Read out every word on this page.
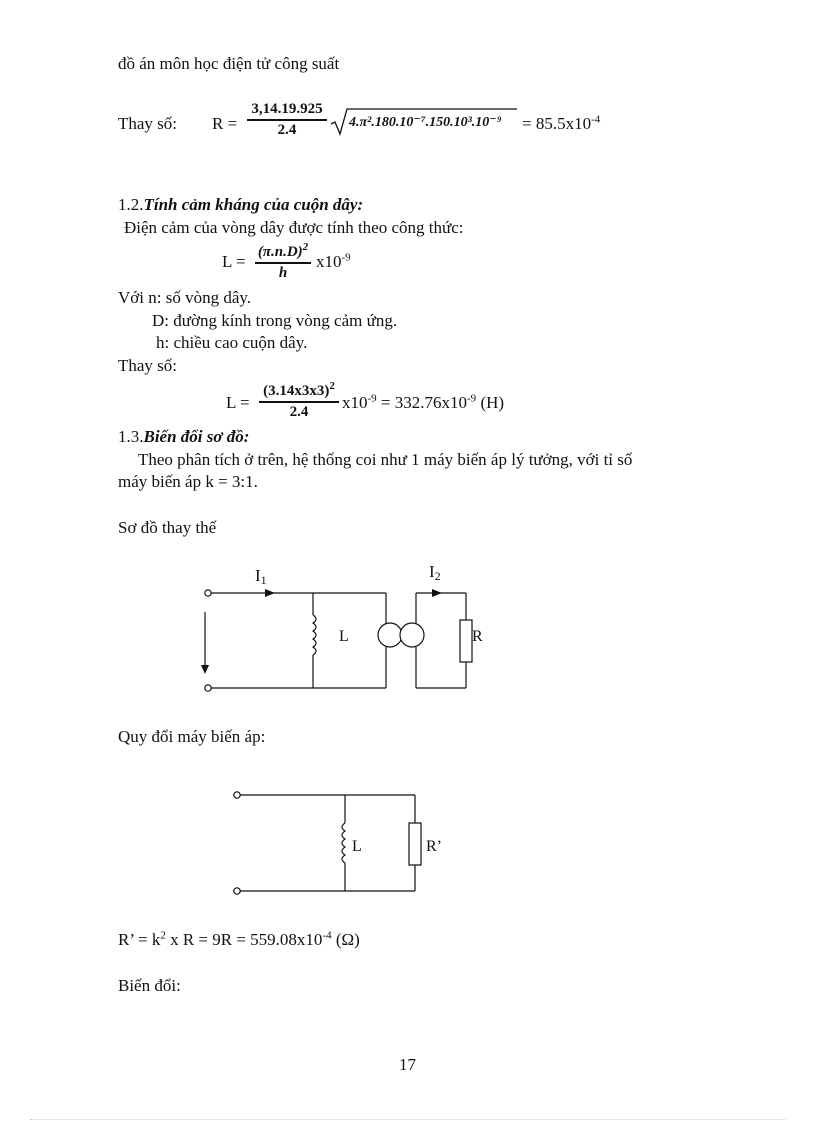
đồ án môn học điện tử công suất
Thay số: R =
3,14.19.925
2.4	$4.\pi^2.180.10^{-7}.150.10^3.10^{-9} = 85.5x10^{-4}$
1.2.Tính cảm kháng của cuộn dây:
Điện cảm của vòng dây được tính theo công thức:
$L = (\pi.n.D)^2$
h
$x10^{-9}$
Với n: số vòng dây.
D: đường kính trong vòng cảm ứng.
h: chiều cao cuộn dây.
Thay số:
L =
$(3.14x3x3)^2$
2.4	$x10^{-9} = 332.76x10^{-9}$ (H)
1.3.Biến đổi sơ đồ:
Theo phân tích ở trên, hệ thống coi như 1 máy biến áp lý tưởng, với tỉ số
máy biến áp k = 3:1.
Sơ đồ thay thế
I1	I2
L	R
Quy đổi máy biến áp:
L	R’
R’ = $k^2$ x $R = 9R = 559.08x10^{-4}$ (Ω)
Biến đổi:
17
